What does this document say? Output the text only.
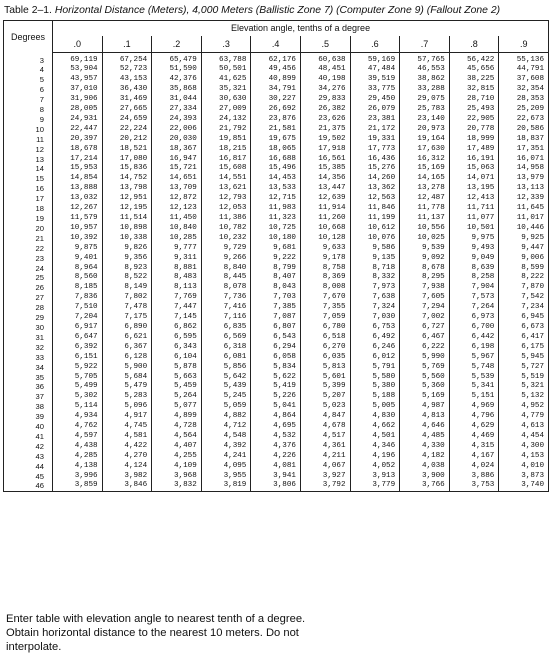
Table 2–1. Horizontal Distance (Meters), 4,000 Meters (Ballistic Zone 7) (Computer Zone 9) (Fallout Zone 2)
Degrees	Elevation angle, tenths of a degree									
	.0	.1	.2	.3	.4	.5	.6	.7	.8	.9

3	69,119	67,254	65,479	63,788	62,176	60,638	59,169	57,765	56,422	55,136
4	53,904	52,723	51,590	50,501	49,456	48,451	47,484	46,553	45,656	44,791
5	43,957	43,153	42,376	41,625	40,899	40,198	39,519	38,862	38,225	37,608
6	37,010	36,430	35,868	35,321	34,791	34,276	33,775	33,288	32,815	32,354
7	31,906	31,469	31,044	30,630	30,227	29,833	29,450	29,075	28,710	28,353
8	28,005	27,665	27,334	27,009	26,692	26,382	26,079	25,783	25,493	25,209
9	24,931	24,659	24,393	24,132	23,876	23,626	23,381	23,140	22,905	22,673
10	22,447	22,224	22,006	21,792	21,581	21,375	21,172	20,973	20,778	20,586
11	20,397	20,212	20,030	19,851	19,675	19,502	19,331	19,164	18,999	18,837
12	18,678	18,521	18,367	18,215	18,065	17,918	17,773	17,630	17,489	17,351
13	17,214	17,080	16,947	16,817	16,688	16,561	16,436	16,312	16,191	16,071
14	15,953	15,836	15,721	15,608	15,496	15,385	15,276	15,169	15,063	14,958
15	14,854	14,752	14,651	14,551	14,453	14,356	14,260	14,165	14,071	13,979
16	13,888	13,798	13,709	13,621	13,533	13,447	13,362	13,278	13,195	13,113
17	13,032	12,951	12,872	12,793	12,715	12,639	12,563	12,487	12,413	12,339
18	12,267	12,195	12,123	12,053	11,983	11,914	11,846	11,778	11,711	11,645
19	11,579	11,514	11,450	11,386	11,323	11,260	11,199	11,137	11,077	11,017
20	10,957	10,898	10,840	10,782	10,725	10,668	10,612	10,556	10,501	10,446
21	10,392	10,338	10,285	10,232	10,180	10,128	10,076	10,025	9,975	9,925
22	9,875	9,826	9,777	9,729	9,681	9,633	9,586	9,539	9,493	9,447
23	9,401	9,356	9,311	9,266	9,222	9,178	9,135	9,092	9,049	9,006
24	8,964	8,923	8,881	8,840	8,799	8,758	8,718	8,678	8,639	8,599
25	8,560	8,522	8,483	8,445	8,407	8,369	8,332	8,295	8,258	8,222
26	8,185	8,149	8,113	8,078	8,043	8,008	7,973	7,938	7,904	7,870
27	7,836	7,802	7,769	7,736	7,703	7,670	7,638	7,605	7,573	7,542
28	7,510	7,478	7,447	7,416	7,385	7,355	7,324	7,294	7,264	7,234
29	7,204	7,175	7,145	7,116	7,087	7,059	7,030	7,002	6,973	6,945
30	6,917	6,890	6,862	6,835	6,807	6,780	6,753	6,727	6,700	6,673
31	6,647	6,621	6,595	6,569	6,543	6,518	6,492	6,467	6,442	6,417
32	6,392	6,367	6,343	6,318	6,294	6,270	6,246	6,222	6,198	6,175
33	6,151	6,128	6,104	6,081	6,058	6,035	6,012	5,990	5,967	5,945
34	5,922	5,900	5,878	5,856	5,834	5,813	5,791	5,769	5,748	5,727
35	5,705	5,684	5,663	5,642	5,622	5,601	5,580	5,560	5,539	5,519
36	5,499	5,479	5,459	5,439	5,419	5,399	5,380	5,360	5,341	5,321
37	5,302	5,283	5,264	5,245	5,226	5,207	5,188	5,169	5,151	5,132
38	5,114	5,096	5,077	5,059	5,041	5,023	5,005	4,987	4,969	4,952
39	4,934	4,917	4,899	4,882	4,864	4,847	4,830	4,813	4,796	4,779
40	4,762	4,745	4,728	4,712	4,695	4,678	4,662	4,646	4,629	4,613
41	4,597	4,581	4,564	4,548	4,532	4,517	4,501	4,485	4,469	4,454
42	4,438	4,422	4,407	4,392	4,376	4,361	4,346	4,330	4,315	4,300
43	4,285	4,270	4,255	4,241	4,226	4,211	4,196	4,182	4,167	4,153
44	4,138	4,124	4,109	4,095	4,081	4,067	4,052	4,038	4,024	4,010
45	3,996	3,982	3,968	3,955	3,941	3,927	3,913	3,900	3,886	3,873
46	3,859	3,846	3,832	3,819	3,806	3,792	3,779	3,766	3,753	3,740
Enter table with elevation angle to nearest tenth of a degree. Obtain horizontal distance to the nearest 10 meters. Do not interpolate.
